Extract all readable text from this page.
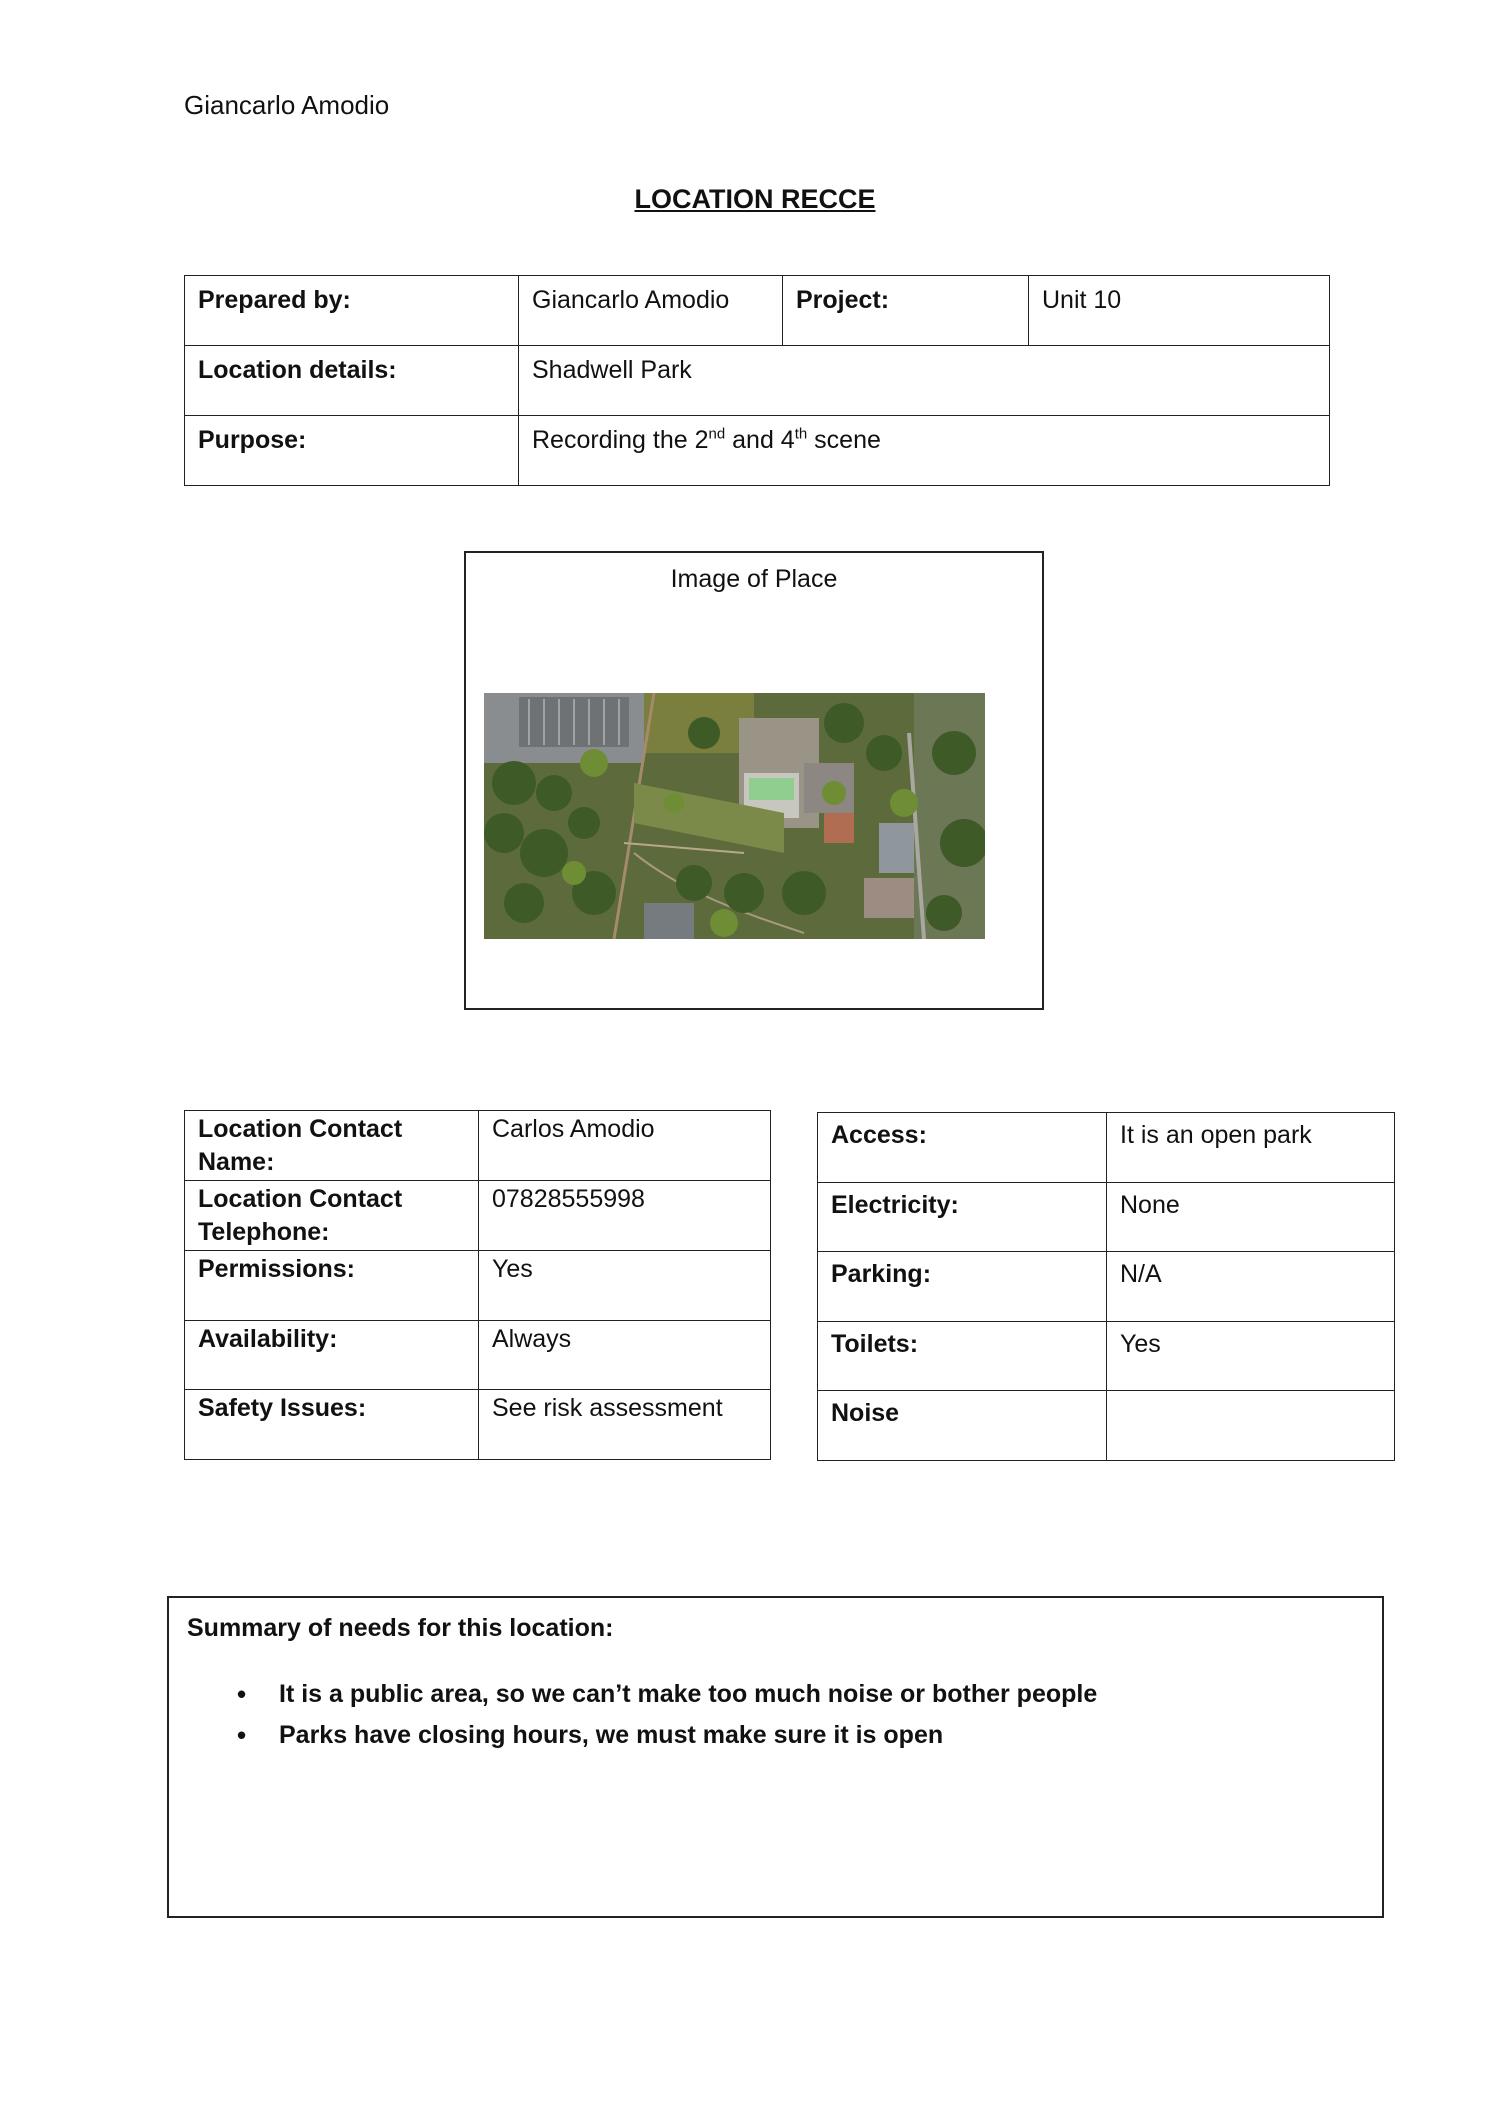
Giancarlo Amodio
LOCATION RECCE
Prepared by:	Giancarlo Amodio	Project:	Unit 10
Location details:	Shadwell Park		
Purpose:	Recording the 2nd and 4th scene		
Image of Place
Location Contact Name:	Carlos Amodio
Location Contact Telephone:	07828555998
Permissions:	Yes
Availability:	Always
Safety Issues:	See risk assessment
Access:	It is an open park
Electricity:	None
Parking:	N/A
Toilets:	Yes
Noise	
Summary of needs for this location:
• It is a public area, so we can’t make too much noise or bother people
• Parks have closing hours, we must make sure it is open
